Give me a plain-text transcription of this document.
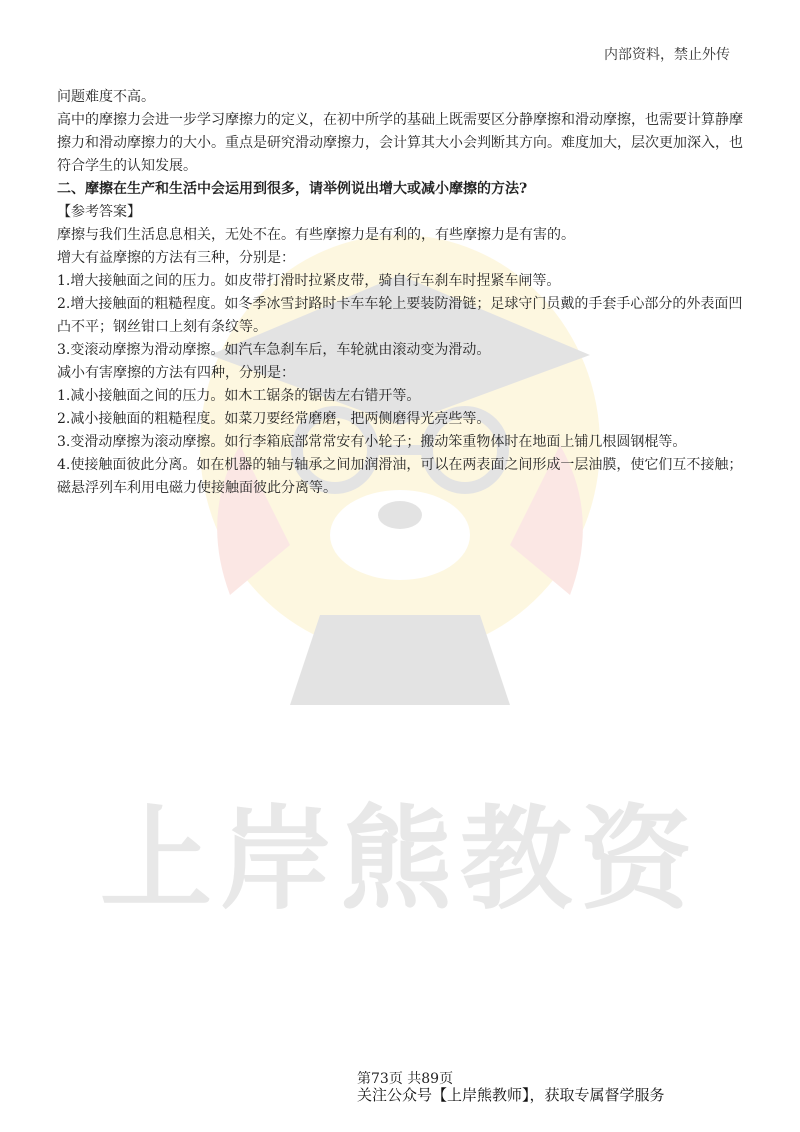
上岸熊教资
内部资料，禁止外传

问题难度不高。

高中的摩擦力会进一步学习摩擦力的定义，在初中所学的基础上既需要区分静摩擦和滑动摩擦，也需要计算静摩擦力和滑动摩擦力的大小。重点是研究滑动摩擦力，会计算其大小会判断其方向。难度加大，层次更加深入，也符合学生的认知发展。

二、摩擦在生产和生活中会运用到很多，请举例说出增大或减小摩擦的方法?

【参考答案】

摩擦与我们生活息息相关，无处不在。有些摩擦力是有利的，有些摩擦力是有害的。

增大有益摩擦的方法有三种，分别是：

1.增大接触面之间的压力。如皮带打滑时拉紧皮带，骑自行车刹车时捏紧车闸等。

2.增大接触面的粗糙程度。如冬季冰雪封路时卡车车轮上要装防滑链；足球守门员戴的手套手心部分的外表面凹凸不平；钢丝钳口上刻有条纹等。

3.变滚动摩擦为滑动摩擦。如汽车急刹车后，车轮就由滚动变为滑动。

减小有害摩擦的方法有四种，分别是：

1.减小接触面之间的压力。如木工锯条的锯齿左右错开等。

2.减小接触面的粗糙程度。如菜刀要经常磨磨，把两侧磨得光亮些等。

3.变滑动摩擦为滚动摩擦。如行李箱底部常常安有小轮子；搬动笨重物体时在地面上铺几根圆钢棍等。

4.使接触面彼此分离。如在机器的轴与轴承之间加润滑油，可以在两表面之间形成一层油膜，使它们互不接触；磁悬浮列车利用电磁力使接触面彼此分离等。

第73页 共89页
关注公众号【上岸熊教师】，获取专属督学服务
